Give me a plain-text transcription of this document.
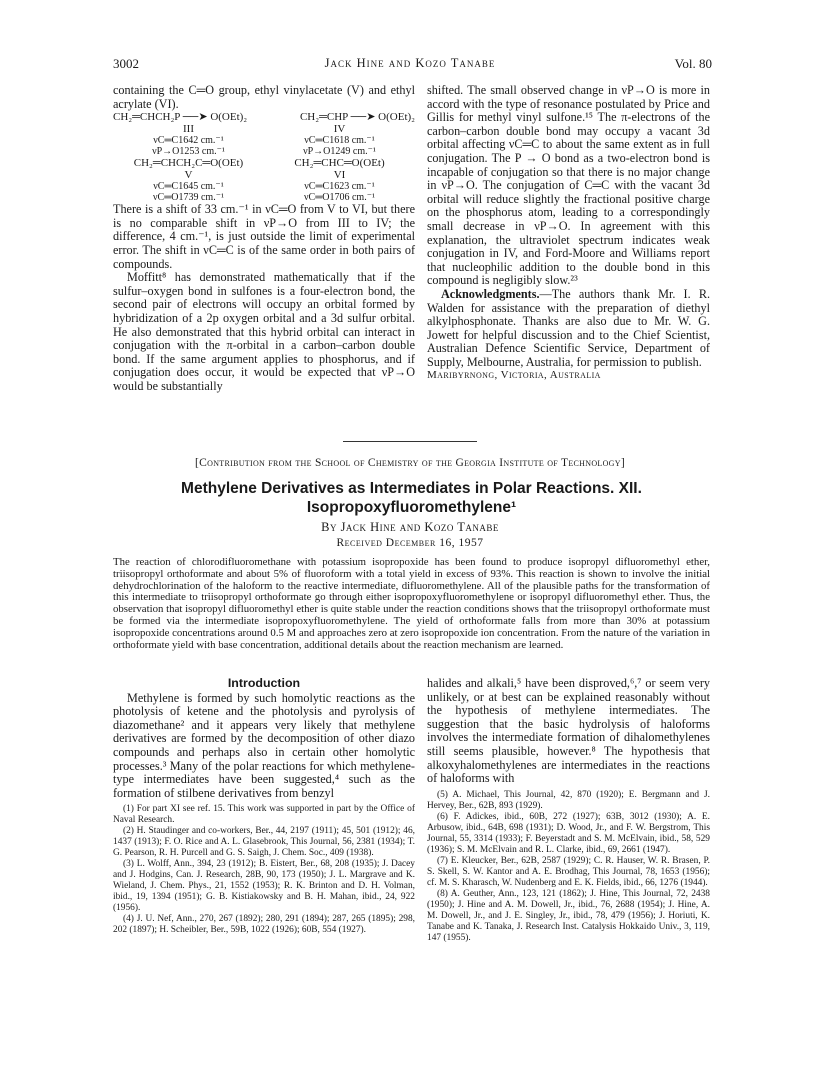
3002	Jack Hine and Kozo Tanabe	Vol. 80

containing the C═O group, ethyl vinylacetate (V) and ethyl acrylate (VI).

CH₂═CHCH₂P ──➤ O(OEt)₂	CH₂═CHP ──➤ O(OEt)₂
III	IV
νC═C1642 cm.⁻¹	νC═C1618 cm.⁻¹
νP→O1253 cm.⁻¹	νP→O1249 cm.⁻¹
CH₂═CHCH₂C═O(OEt)	CH₂═CHC═O(OEt)
V	VI
νC═C1645 cm.⁻¹	νC═C1623 cm.⁻¹
νC═O1739 cm.⁻¹	νC═O1706 cm.⁻¹

There is a shift of 33 cm.⁻¹ in νC═O from V to VI, but there is no comparable shift in νP→O from III to IV; the difference, 4 cm.⁻¹, is just outside the limit of experimental error. The shift in νC═C is of the same order in both pairs of compounds.

Moffitt⁸ has demonstrated mathematically that if the sulfur–oxygen bond in sulfones is a four-electron bond, the second pair of electrons will occupy an orbital formed by hybridization of a 2p oxygen orbital and a 3d sulfur orbital. He also demonstrated that this hybrid orbital can interact in conjugation with the π-orbital in a carbon–carbon double bond. If the same argument applies to phosphorus, and if conjugation does occur, it would be expected that νP→O would be substantially

shifted. The small observed change in νP→O is more in accord with the type of resonance postulated by Price and Gillis for methyl vinyl sulfone.¹⁵ The π-electrons of the carbon–carbon double bond may occupy a vacant 3d orbital affecting νC═C to about the same extent as in full conjugation. The P → O bond as a two-electron bond is incapable of conjugation so that there is no major change in νP→O. The conjugation of C═C with the vacant 3d orbital will reduce slightly the fractional positive charge on the phosphorus atom, leading to a correspondingly small decrease in νP→O. In agreement with this explanation, the ultraviolet spectrum indicates weak conjugation in IV, and Ford-Moore and Williams report that nucleophilic addition to the double bond in this compound is negligibly slow.²³

Acknowledgments.—The authors thank Mr. I. R. Walden for assistance with the preparation of diethyl alkylphosphonate. Thanks are also due to Mr. W. G. Jowett for helpful discussion and to the Chief Scientist, Australian Defence Scientific Service, Department of Supply, Melbourne, Australia, for permission to publish.

Maribyrnong, Victoria, Australia

[Contribution from the School of Chemistry of the Georgia Institute of Technology]
Methylene Derivatives as Intermediates in Polar Reactions. XII. Isopropoxyfluoromethylene¹
By Jack Hine and Kozo Tanabe
Received December 16, 1957
The reaction of chlorodifluoromethane with potassium isopropoxide has been found to produce isopropyl difluoromethyl ether, triisopropyl orthoformate and about 5% of fluoroform with a total yield in excess of 93%. This reaction is shown to involve the initial dehydrochlorination of the haloform to the reactive intermediate, difluoromethylene. All of the plausible paths for the transformation of this intermediate to triisopropyl orthoformate go through either isopropoxyfluoromethylene or isopropyl difluoromethyl ether. Thus, the observation that isopropyl difluoromethyl ether is quite stable under the reaction conditions shows that the triisopropyl orthoformate must be formed via the intermediate isopropoxyfluoromethylene. The yield of orthoformate falls from more than 30% at potassium isopropoxide concentrations around 0.5 M and approaches zero at zero isopropoxide ion concentration. From the nature of the variation in orthoformate yield with base concentration, additional details about the reaction mechanism are learned.
Introduction

Methylene is formed by such homolytic reactions as the photolysis of ketene and the photolysis and pyrolysis of diazomethane² and it appears very likely that methylene derivatives are formed by the decomposition of other diazo compounds and perhaps also in certain other homolytic processes.³ Many of the polar reactions for which methylene-type intermediates have been suggested,⁴ such as the formation of stilbene derivatives from benzyl

(1) For part XI see ref. 15. This work was supported in part by the Office of Naval Research.

(2) H. Staudinger and co-workers, Ber., 44, 2197 (1911); 45, 501 (1912); 46, 1437 (1913); F. O. Rice and A. L. Glasebrook, This Journal, 56, 2381 (1934); T. G. Pearson, R. H. Purcell and G. S. Saigh, J. Chem. Soc., 409 (1938).

(3) L. Wolff, Ann., 394, 23 (1912); B. Eistert, Ber., 68, 208 (1935); J. Dacey and J. Hodgins, Can. J. Research, 28B, 90, 173 (1950); J. L. Margrave and K. Wieland, J. Chem. Phys., 21, 1552 (1953); R. K. Brinton and D. H. Volman, ibid., 19, 1394 (1951); G. B. Kistiakowsky and B. H. Mahan, ibid., 24, 922 (1956).

(4) J. U. Nef, Ann., 270, 267 (1892); 280, 291 (1894); 287, 265 (1895); 298, 202 (1897); H. Scheibler, Ber., 59B, 1022 (1926); 60B, 554 (1927).

halides and alkali,⁵ have been disproved,⁶,⁷ or seem very unlikely, or at best can be explained reasonably without the hypothesis of methylene intermediates. The suggestion that the basic hydrolysis of haloforms involves the intermediate formation of dihalomethylenes still seems plausible, however.⁸ The hypothesis that alkoxyhalomethylenes are intermediates in the reactions of haloforms with

(5) A. Michael, This Journal, 42, 870 (1920); E. Bergmann and J. Hervey, Ber., 62B, 893 (1929).

(6) F. Adickes, ibid., 60B, 272 (1927); 63B, 3012 (1930); A. E. Arbusow, ibid., 64B, 698 (1931); D. Wood, Jr., and F. W. Bergstrom, This Journal, 55, 3314 (1933); F. Beyerstadt and S. M. McElvain, ibid., 58, 529 (1936); S. M. McElvain and R. L. Clarke, ibid., 69, 2661 (1947).

(7) E. Kleucker, Ber., 62B, 2587 (1929); C. R. Hauser, W. R. Brasen, P. S. Skell, S. W. Kantor and A. E. Brodhag, This Journal, 78, 1653 (1956); cf. M. S. Kharasch, W. Nudenberg and E. K. Fields, ibid., 66, 1276 (1944).

(8) A. Geuther, Ann., 123, 121 (1862); J. Hine, This Journal, 72, 2438 (1950); J. Hine and A. M. Dowell, Jr., ibid., 76, 2688 (1954); J. Hine, A. M. Dowell, Jr., and J. E. Singley, Jr., ibid., 78, 479 (1956); J. Horiuti, K. Tanabe and K. Tanaka, J. Research Inst. Catalysis Hokkaido Univ., 3, 119, 147 (1955).
